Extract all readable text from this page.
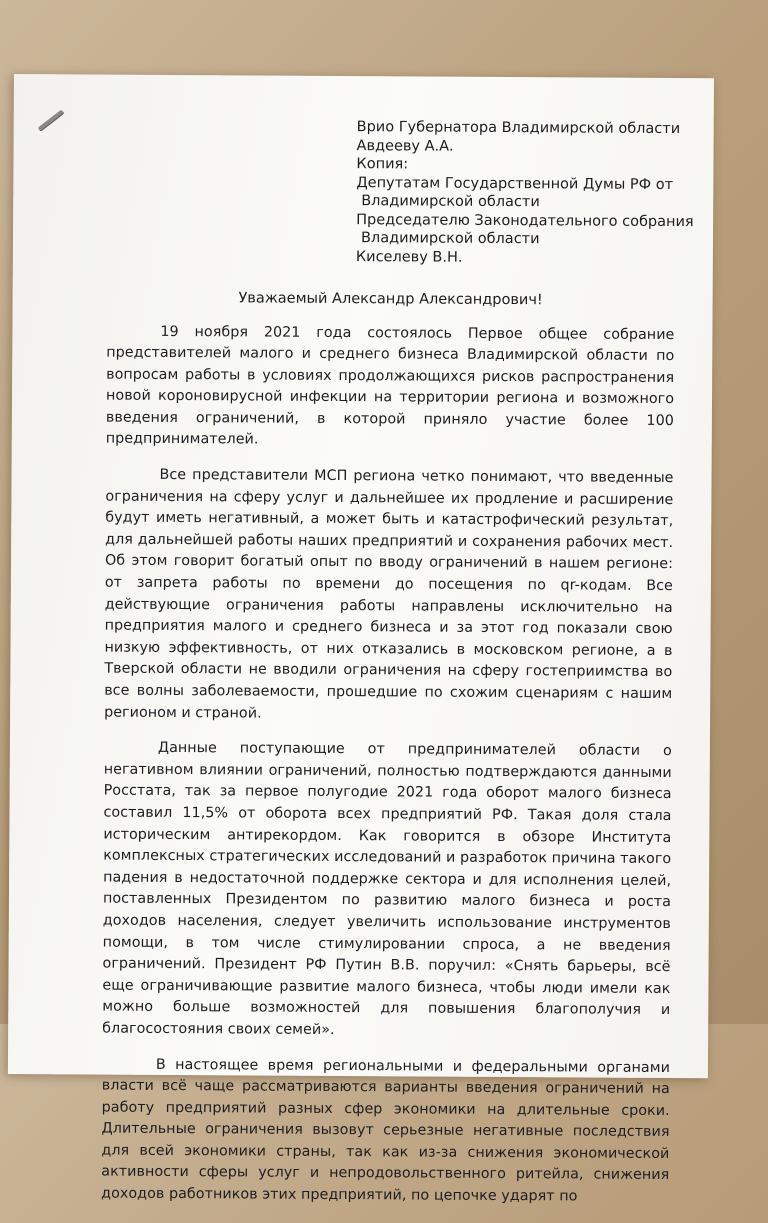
Врио Губернатора Владимирской области
Авдееву А.А.
Копия:
Депутатам Государственной Думы РФ от
Владимирской области
Председателю Законодательного собрания
Владимирской области
Киселеву В.Н.
Уважаемый Александр Александрович!

19 ноября 2021 года состоялось Первое общее собрание представителей малого и среднего бизнеса Владимирской области по вопросам работы в условиях продолжающихся рисков распространения новой короновирусной инфекции на территории региона и возможного введения ограничений, в которой приняло участие более 100 предпринимателей.

Все представители МСП региона четко понимают, что введенные ограничения на сферу услуг и дальнейшее их продление и расширение будут иметь негативный, а может быть и катастрофический результат, для дальнейшей работы наших предприятий и сохранения рабочих мест. Об этом говорит богатый опыт по вводу ограничений в нашем регионе: от запрета работы по времени до посещения по qr-кодам. Все действующие ограничения работы направлены исключительно на предприятия малого и среднего бизнеса и за этот год показали свою низкую эффективность, от них отказались в московском регионе, а в Тверской области не вводили ограничения на сферу гостеприимства во все волны заболеваемости, прошедшие по схожим сценариям с нашим регионом и страной.

Данные поступающие от предпринимателей области о негативном влиянии ограничений, полностью подтверждаются данными Росстата, так за первое полугодие 2021 года оборот малого бизнеса составил 11,5% от оборота всех предприятий РФ. Такая доля стала историческим антирекордом. Как говорится в обзоре Института комплексных стратегических исследований и разработок причина такого падения в недостаточной поддержке сектора и для исполнения целей, поставленных Президентом по развитию малого бизнеса и роста доходов населения, следует увеличить использование инструментов помощи, в том числе стимулировании спроса, а не введения ограничений. Президент РФ Путин В.В. поручил: «Снять барьеры, всё еще ограничивающие развитие малого бизнеса, чтобы люди имели как можно больше возможностей для повышения благополучия и благосостояния своих семей».

В настоящее время региональными и федеральными органами власти всё чаще рассматриваются варианты введения ограничений на работу предприятий разных сфер экономики на длительные сроки. Длительные ограничения вызовут серьезные негативные последствия для всей экономики страны, так как из-за снижения экономической активности сферы услуг и непродовольственного ритейла, снижения доходов работников этих предприятий, по цепочке ударят по
